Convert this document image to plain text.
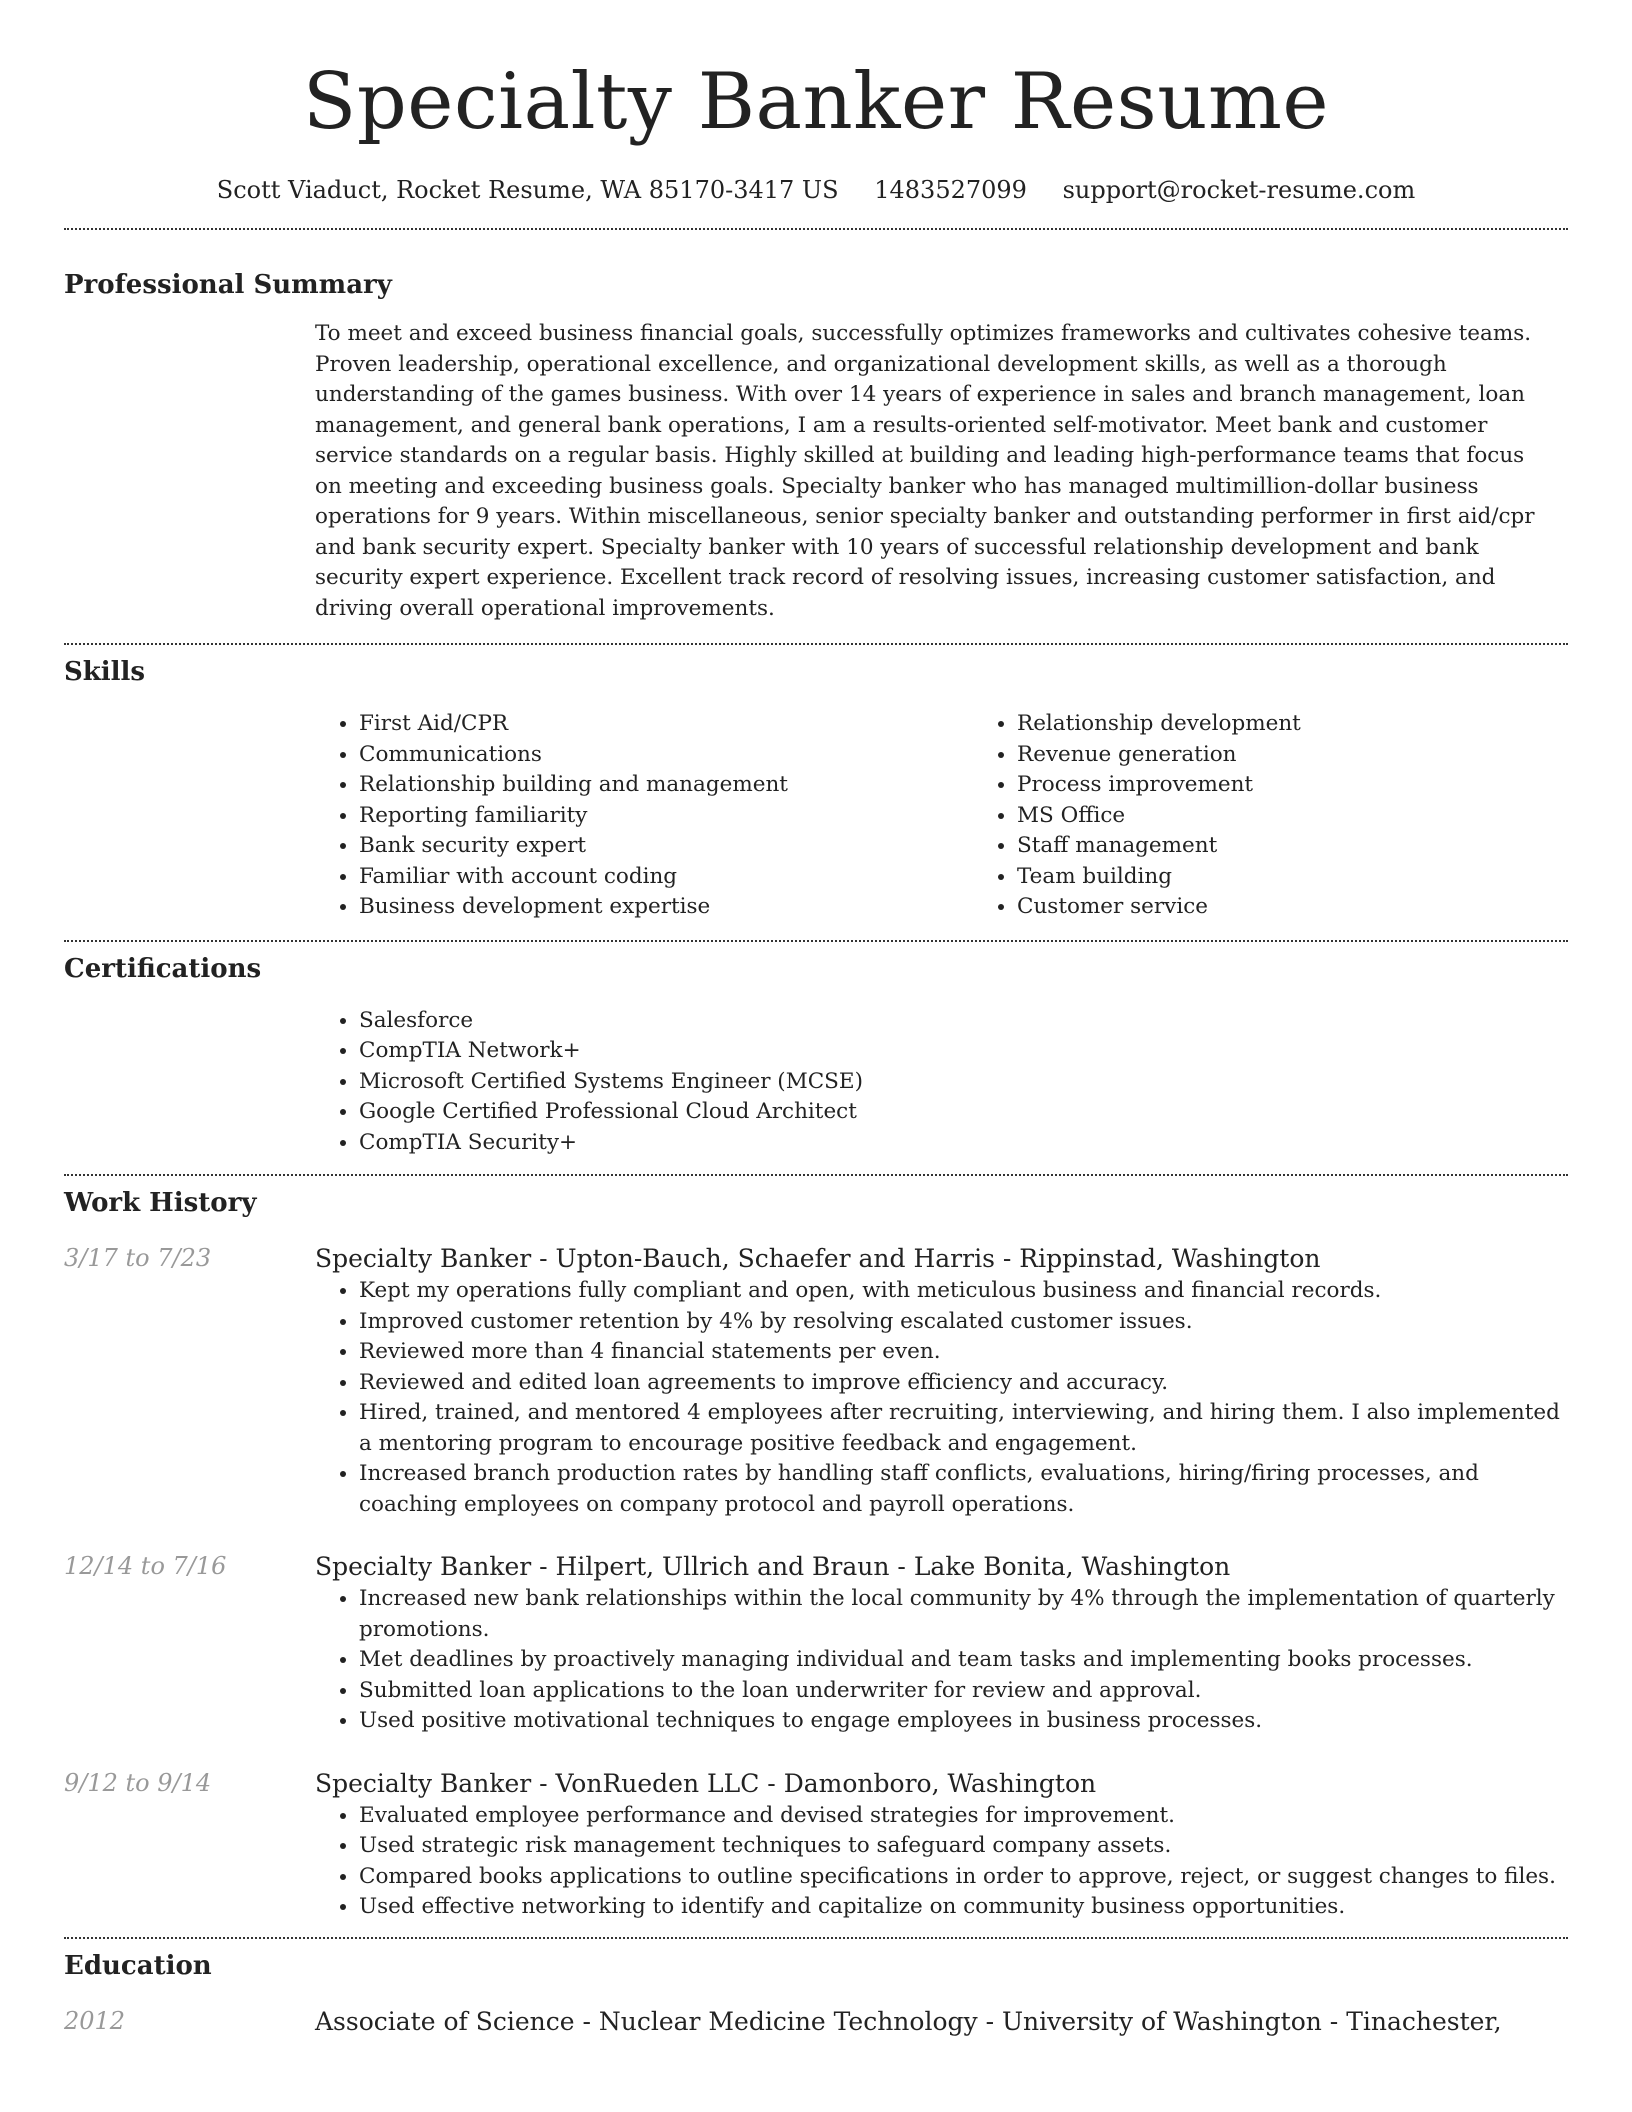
Specialty Banker Resume
Scott Viaduct, Rocket Resume, WA 85170-3417 US 1483527099 support@rocket-resume.com
Professional Summary

To meet and exceed business financial goals, successfully optimizes frameworks and cultivates cohesive teams. Proven leadership, operational excellence, and organizational development skills, as well as a thorough understanding of the games business. With over 14 years of experience in sales and branch management, loan management, and general bank operations, I am a results-oriented self-motivator. Meet bank and customer service standards on a regular basis. Highly skilled at building and leading high-performance teams that focus on meeting and exceeding business goals. Specialty banker who has managed multimillion-dollar business operations for 9 years. Within miscellaneous, senior specialty banker and outstanding performer in first aid/cpr and bank security expert. Specialty banker with 10 years of successful relationship development and bank security expert experience. Excellent track record of resolving issues, increasing customer satisfaction, and driving overall operational improvements.

Skills
• First Aid/CPR
• Communications
• Relationship building and management
• Reporting familiarity
• Bank security expert
• Familiar with account coding
• Business development expertise
• Relationship development
• Revenue generation
• Process improvement
• MS Office
• Staff management
• Team building
• Customer service
Certifications
• Salesforce
• CompTIA Network+
• Microsoft Certified Systems Engineer (MCSE)
• Google Certified Professional Cloud Architect
• CompTIA Security+
Work History
3/17 to 7/23	Specialty Banker - Upton-Bauch, Schaefer and Harris - Rippinstad, Washington
• Kept my operations fully compliant and open, with meticulous business and financial records.
• Improved customer retention by 4% by resolving escalated customer issues.
• Reviewed more than 4 financial statements per even.
• Reviewed and edited loan agreements to improve efficiency and accuracy.
• Hired, trained, and mentored 4 employees after recruiting, interviewing, and hiring them. I also implemented a mentoring program to encourage positive feedback and engagement.
• Increased branch production rates by handling staff conflicts, evaluations, hiring/firing processes, and coaching employees on company protocol and payroll operations.
12/14 to 7/16	Specialty Banker - Hilpert, Ullrich and Braun - Lake Bonita, Washington
• Increased new bank relationships within the local community by 4% through the implementation of quarterly promotions.
• Met deadlines by proactively managing individual and team tasks and implementing books processes.
• Submitted loan applications to the loan underwriter for review and approval.
• Used positive motivational techniques to engage employees in business processes.
9/12 to 9/14	Specialty Banker - VonRueden LLC - Damonboro, Washington
• Evaluated employee performance and devised strategies for improvement.
• Used strategic risk management techniques to safeguard company assets.
• Compared books applications to outline specifications in order to approve, reject, or suggest changes to files.
• Used effective networking to identify and capitalize on community business opportunities.
Education
2012	Associate of Science - Nuclear Medicine Technology - University of Washington - Tinachester,
